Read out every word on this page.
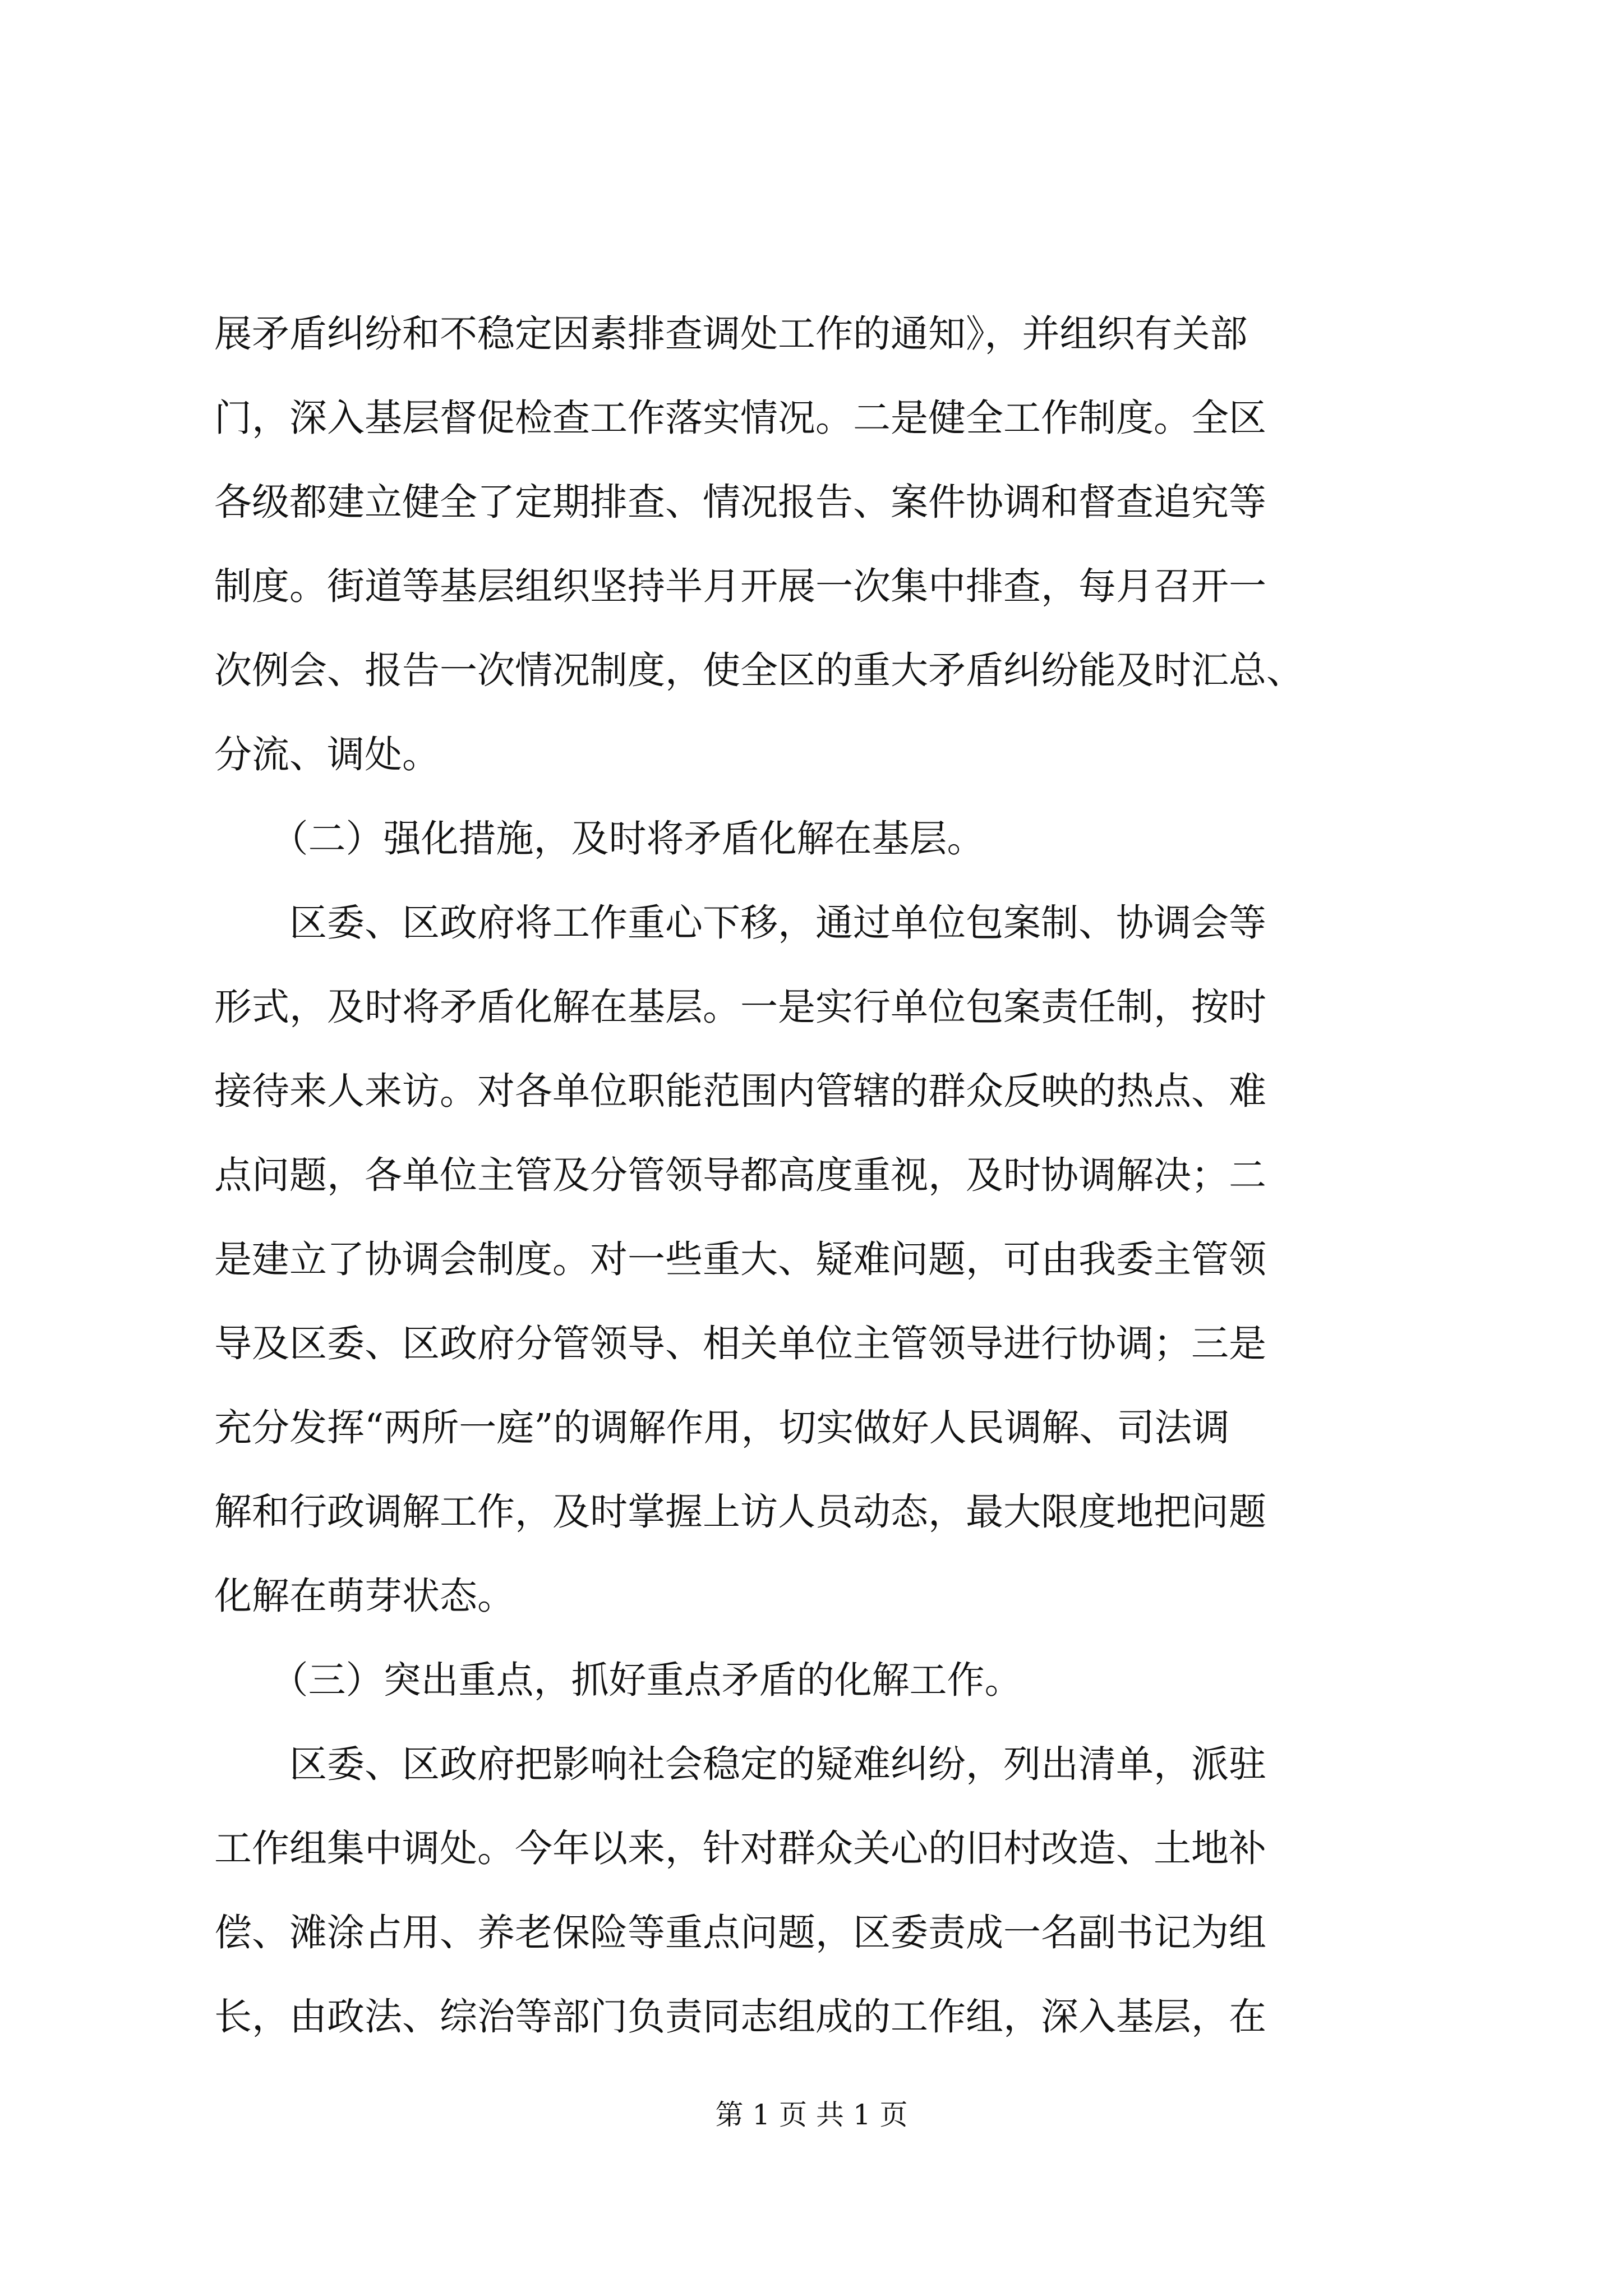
展矛盾纠纷和不稳定因素排查调处工作的通知》，并组织有关部
门，深入基层督促检查工作落实情况。二是健全工作制度。全区
各级都建立健全了定期排查、情况报告、案件协调和督查追究等
制度。街道等基层组织坚持半月开展一次集中排查，每月召开一
次例会、报告一次情况制度，使全区的重大矛盾纠纷能及时汇总、
分流、调处。
　　（二）强化措施，及时将矛盾化解在基层。
　　区委、区政府将工作重心下移，通过单位包案制、协调会等
形式，及时将矛盾化解在基层。一是实行单位包案责任制，按时
接待来人来访。对各单位职能范围内管辖的群众反映的热点、难
点问题，各单位主管及分管领导都高度重视，及时协调解决；二
是建立了协调会制度。对一些重大、疑难问题，可由我委主管领
导及区委、区政府分管领导、相关单位主管领导进行协调；三是
充分发挥“两所一庭”的调解作用，切实做好人民调解、司法调
解和行政调解工作，及时掌握上访人员动态，最大限度地把问题
化解在萌芽状态。
　　（三）突出重点，抓好重点矛盾的化解工作。
　　区委、区政府把影响社会稳定的疑难纠纷，列出清单，派驻
工作组集中调处。今年以来，针对群众关心的旧村改造、土地补
偿、滩涂占用、养老保险等重点问题，区委责成一名副书记为组
长，由政法、综治等部门负责同志组成的工作组，深入基层，在
第 1 页 共 1 页
